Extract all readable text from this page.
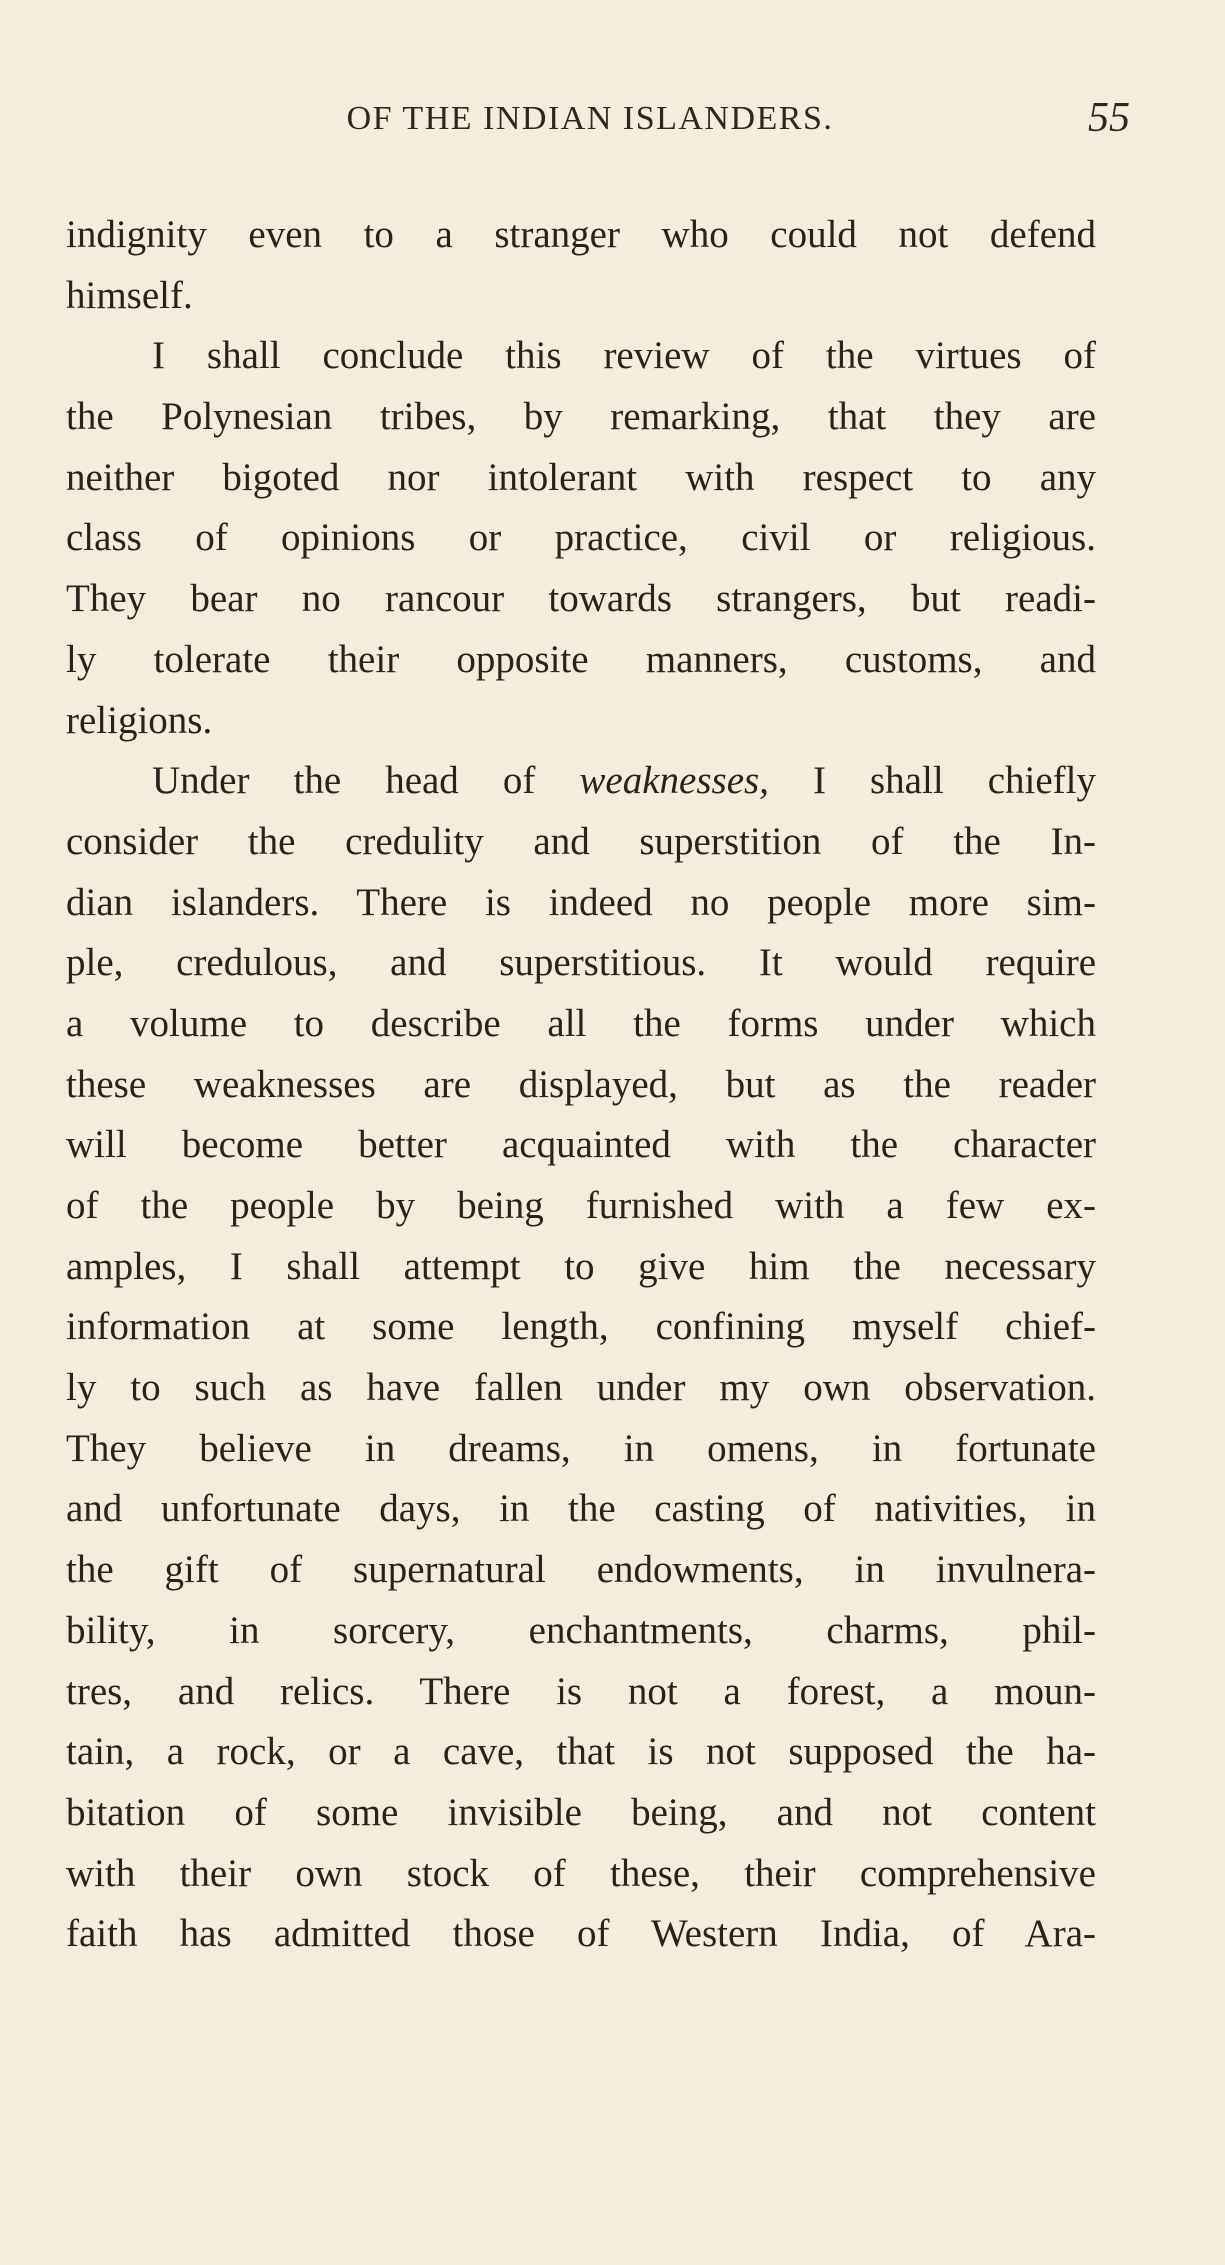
OF THE INDIAN ISLANDERS.	55
indignity even to a stranger who could not defend
himself.
I shall conclude this review of the virtues of
the Polynesian tribes, by remarking, that they are
neither bigoted nor intolerant with respect to any
class of opinions or practice, civil or religious.
They bear no rancour towards strangers, but readi-
ly tolerate their opposite manners, customs, and
religions.
Under the head of weaknesses, I shall chiefly
consider the credulity and superstition of the In-
dian islanders. There is indeed no people more sim-
ple, credulous, and superstitious. It would require
a volume to describe all the forms under which
these weaknesses are displayed, but as the reader
will become better acquainted with the character
of the people by being furnished with a few ex-
amples, I shall attempt to give him the necessary
information at some length, confining myself chief-
ly to such as have fallen under my own observation.
They believe in dreams, in omens, in fortunate
and unfortunate days, in the casting of nativities, in
the gift of supernatural endowments, in invulnera-
bility, in sorcery, enchantments, charms, phil-
tres, and relics. There is not a forest, a moun-
tain, a rock, or a cave, that is not supposed the ha-
bitation of some invisible being, and not content
with their own stock of these, their comprehensive
faith has admitted those of Western India, of Ara-
